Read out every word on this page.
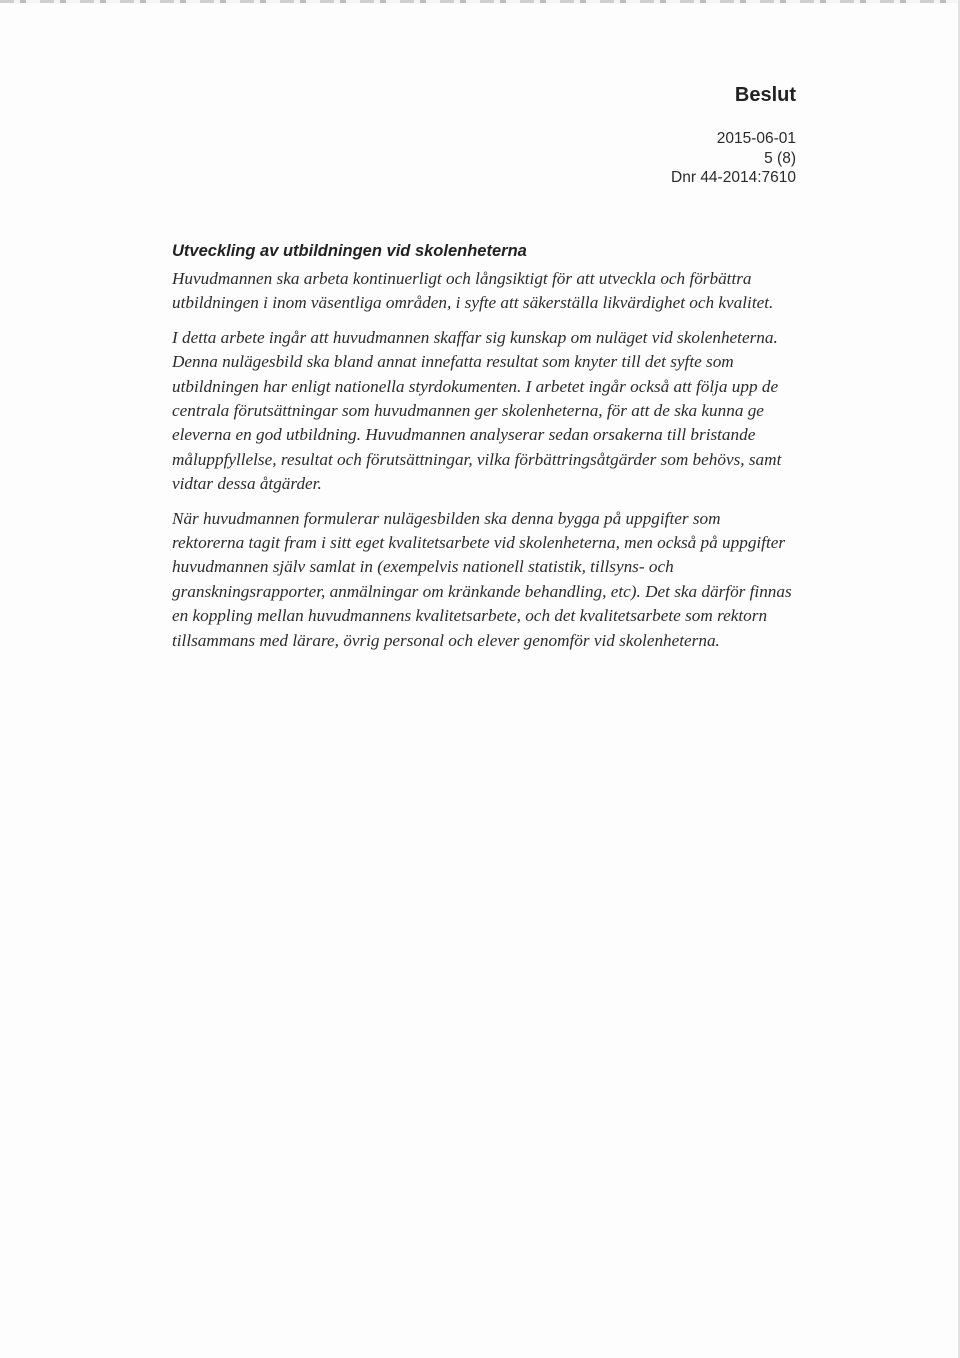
Beslut
2015-06-01
5 (8)
Dnr 44-2014:7610
Utveckling av utbildningen vid skolenheterna

Huvudmannen ska arbeta kontinuerligt och långsiktigt för att utveckla och förbättra utbildningen i inom väsentliga områden, i syfte att säkerställa likvärdighet och kvalitet.

I detta arbete ingår att huvudmannen skaffar sig kunskap om nuläget vid skolenheterna. Denna nulägesbild ska bland annat innefatta resultat som knyter till det syfte som utbildningen har enligt nationella styrdokumenten. I arbetet ingår också att följa upp de centrala förutsättningar som huvudmannen ger skolenheterna, för att de ska kunna ge eleverna en god utbildning. Huvudmannen analyserar sedan orsakerna till bristande måluppfyllelse, resultat och förutsättningar, vilka förbättringsåtgärder som behövs, samt vidtar dessa åtgärder.

När huvudmannen formulerar nulägesbilden ska denna bygga på uppgifter som rektorerna tagit fram i sitt eget kvalitetsarbete vid skolenheterna, men också på uppgifter huvudmannen själv samlat in (exempelvis nationell statistik, tillsyns- och granskningsrapporter, anmälningar om kränkande behandling, etc). Det ska därför finnas en koppling mellan huvudmannens kvalitetsarbete, och det kvalitetsarbete som rektorn tillsammans med lärare, övrig personal och elever genomför vid skolenheterna.
